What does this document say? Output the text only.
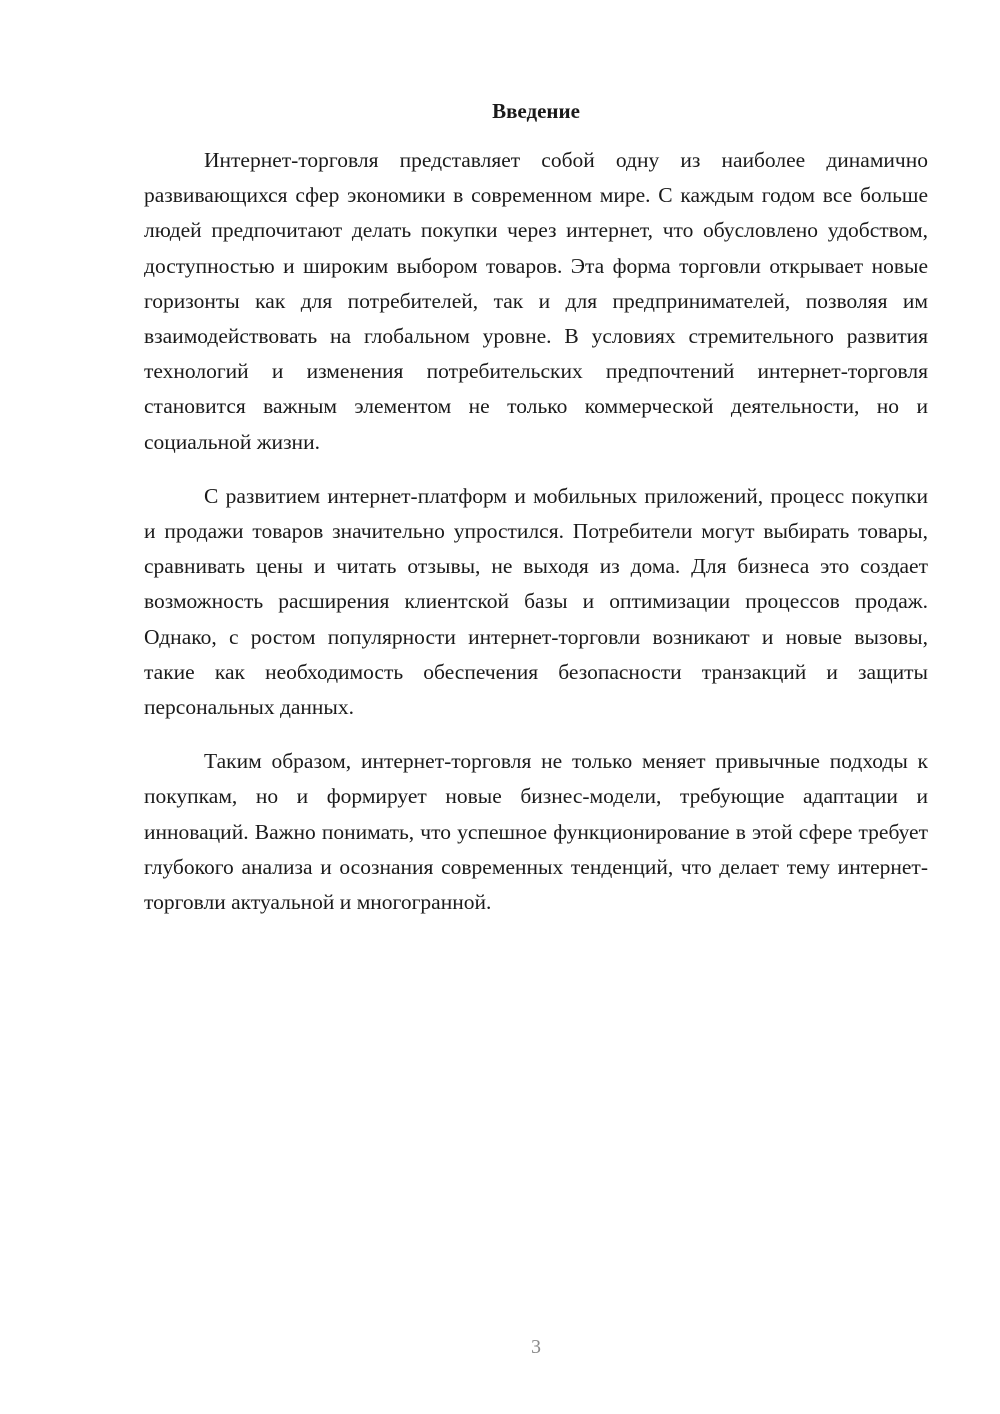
Введение

Интернет-торговля представляет собой одну из наиболее динамично развивающихся сфер экономики в современном мире. С каждым годом все больше людей предпочитают делать покупки через интернет, что обусловлено удобством, доступностью и широким выбором товаров. Эта форма торговли открывает новые горизонты как для потребителей, так и для предпринимателей, позволяя им взаимодействовать на глобальном уровне. В условиях стремительного развития технологий и изменения потребительских предпочтений интернет-торговля становится важным элементом не только коммерческой деятельности, но и социальной жизни.

С развитием интернет-платформ и мобильных приложений, процесс покупки и продажи товаров значительно упростился. Потребители могут выбирать товары, сравнивать цены и читать отзывы, не выходя из дома. Для бизнеса это создает возможность расширения клиентской базы и оптимизации процессов продаж. Однако, с ростом популярности интернет-торговли возникают и новые вызовы, такие как необходимость обеспечения безопасности транзакций и защиты персональных данных.

Таким образом, интернет-торговля не только меняет привычные подходы к покупкам, но и формирует новые бизнес-модели, требующие адаптации и инноваций. Важно понимать, что успешное функционирование в этой сфере требует глубокого анализа и осознания современных тенденций, что делает тему интернет-торговли актуальной и многогранной.

3
